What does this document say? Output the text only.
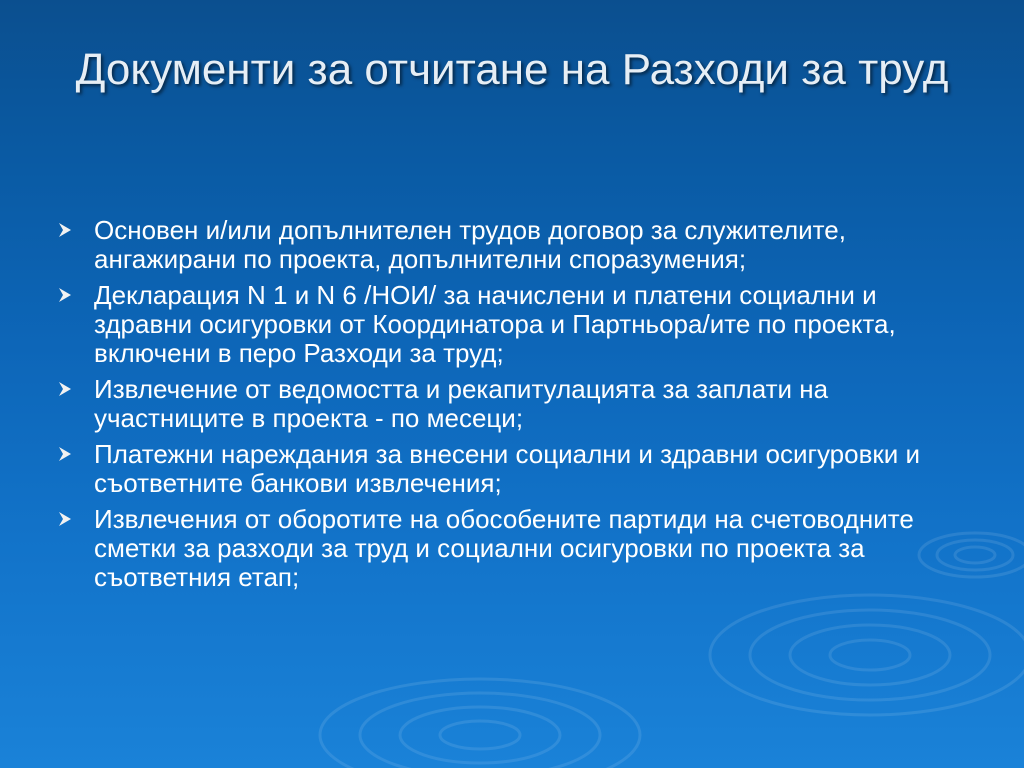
Документи за отчитане на Разходи за труд
Основен и/или допълнителен трудов договор за служителите, ангажирани по проекта, допълнителни споразумения;
Декларация N 1 и N 6 /НОИ/ за начислени и платени социални и здравни осигуровки от Координатора и Партньора/ите по проекта, включени в перо Разходи за труд;
Извлечение от ведомостта и рекапитулацията за заплати на участниците в проекта - по месеци;
Платежни нареждания за внесени социални и здравни осигуровки и съответните банкови извлечения;
Извлечения от оборотите на обособените партиди на счетоводните сметки за разходи за труд и социални осигуровки по проекта за съответния етап;
